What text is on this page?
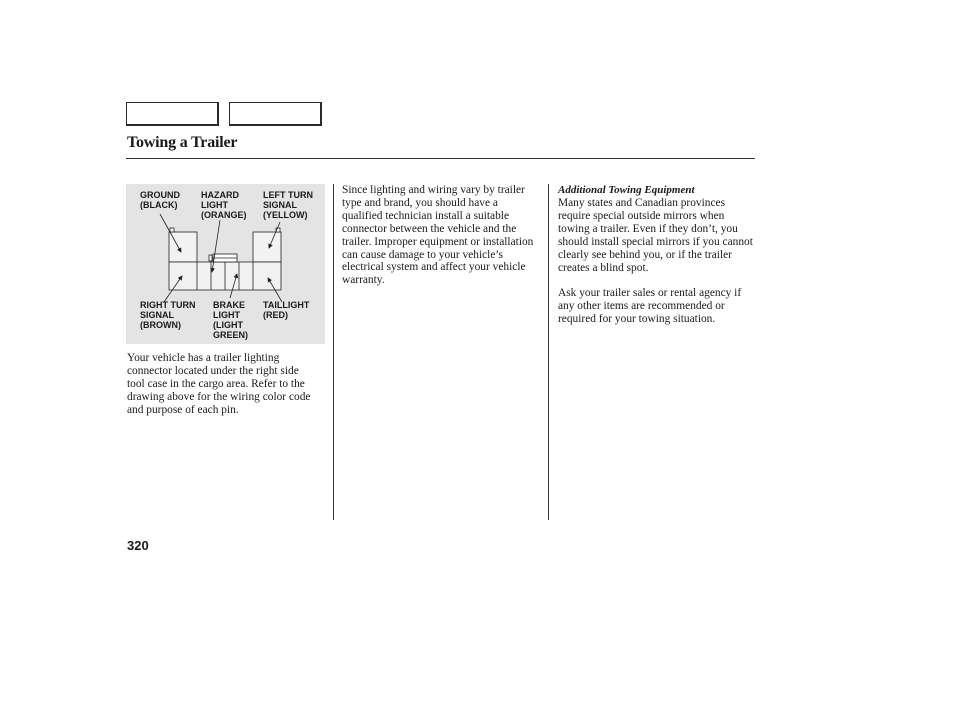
Towing a Trailer
GROUND
(BLACK)
HAZARD
LIGHT
(ORANGE)
LEFT TURN
SIGNAL
(YELLOW)
RIGHT TURN
SIGNAL
(BROWN)
BRAKE
LIGHT
(LIGHT
GREEN)
TAILLIGHT
(RED)
Your vehicle has a trailer lighting connector located under the right side tool case in the cargo area. Refer to the drawing above for the wiring color code and purpose of each pin.
Since lighting and wiring vary by trailer type and brand, you should have a qualified technician install a suitable connector between the vehicle and the trailer. Improper equipment or installation can cause damage to your vehicle’s electrical system and affect your vehicle warranty.
Additional Towing Equipment
Many states and Canadian provinces require special outside mirrors when towing a trailer. Even if they don’t, you should install special mirrors if you cannot clearly see behind you, or if the trailer creates a blind spot.
Ask your trailer sales or rental agency if any other items are recommended or required for your towing situation.
320
